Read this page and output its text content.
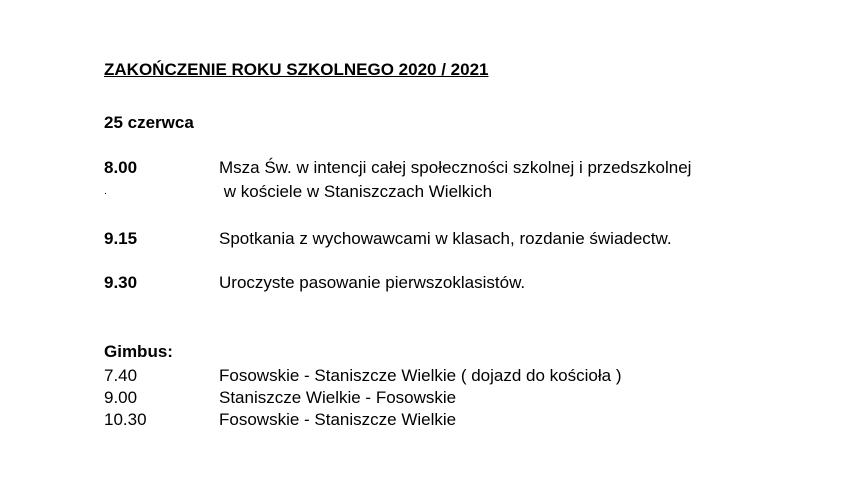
ZAKOŃCZENIE ROKU SZKOLNEGO 2020 / 2021
25 czerwca
8.00	Msza Św. w intencji całej społeczności szkolnej i przedszkolnej
w kościele w Staniszczach Wielkich
.
9.15	Spotkania z wychowawcami w klasach, rozdanie świadectw.
9.30	Uroczyste pasowanie pierwszoklasistów.
Gimbus:
7.40	Fosowskie - Staniszcze Wielkie ( dojazd do kościoła )
9.00	Staniszcze Wielkie - Fosowskie
10.30	Fosowskie - Staniszcze Wielkie
